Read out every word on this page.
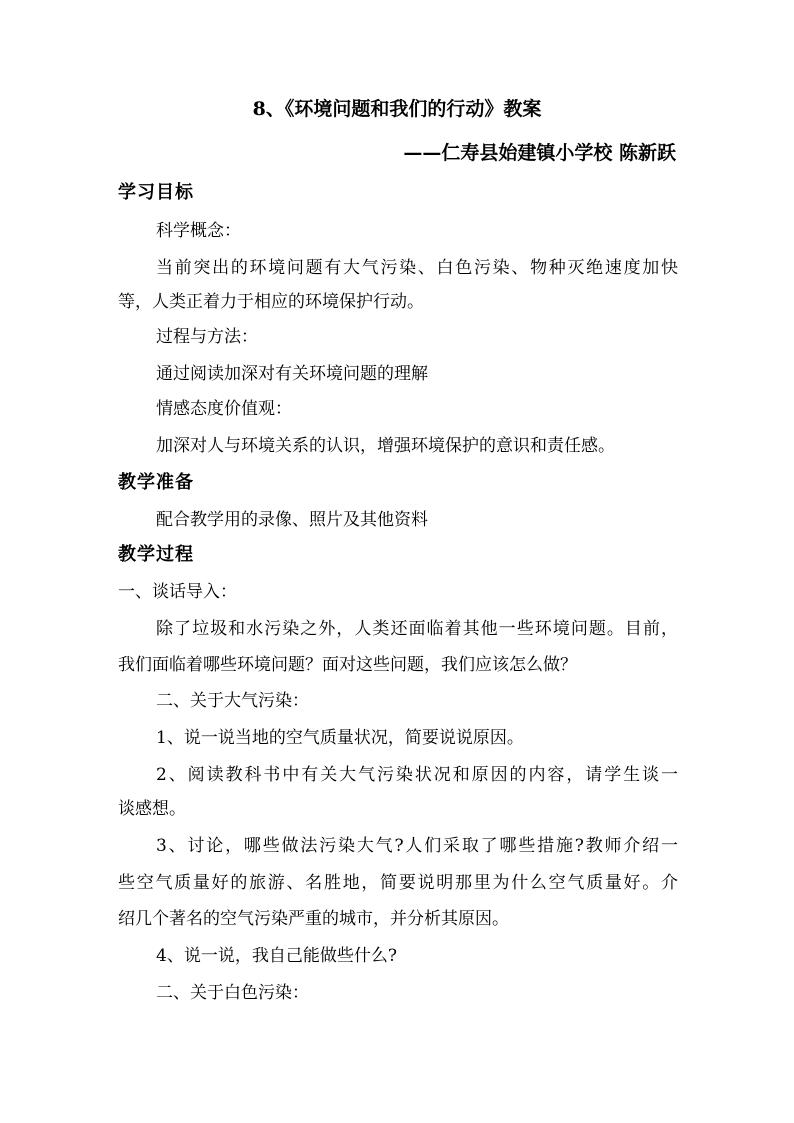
8、《环境问题和我们的行动》教案
——仁寿县始建镇小学校 陈新跃
学习目标
科学概念：
当前突出的环境问题有大气污染、白色污染、物种灭绝速度加快
等，人类正着力于相应的环境保护行动。
过程与方法：
通过阅读加深对有关环境问题的理解
情感态度价值观：
加深对人与环境关系的认识，增强环境保护的意识和责任感。
教学准备
配合教学用的录像、照片及其他资料
教学过程
一、谈话导入：
除了垃圾和水污染之外，人类还面临着其他一些环境问题。目前，
我们面临着哪些环境问题？面对这些问题，我们应该怎么做？
二、关于大气污染：
1、说一说当地的空气质量状况，简要说说原因。
2、阅读教科书中有关大气污染状况和原因的内容，请学生谈一
谈感想。
3、讨论，哪些做法污染大气?人们采取了哪些措施?教师介绍一
些空气质量好的旅游、名胜地，简要说明那里为什么空气质量好。介
绍几个著名的空气污染严重的城市，并分析其原因。
4、说一说，我自己能做些什么?
二、关于白色污染：
